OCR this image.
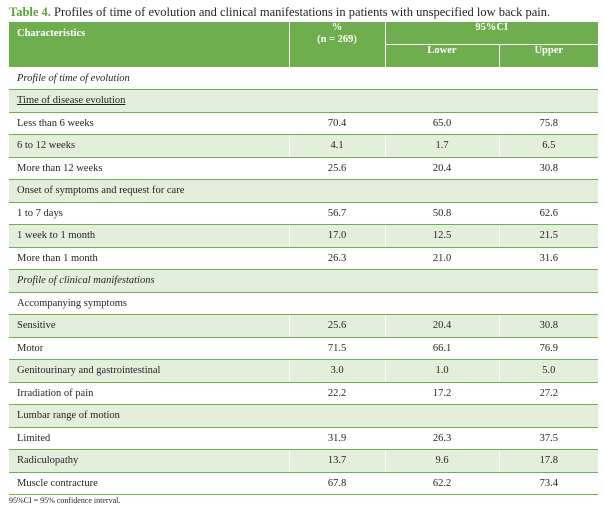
Table 4. Profiles of time of evolution and clinical manifestations in patients with unspecified low back pain.
Characteristics	%
(n = 269)	95%CI	
		Lower	Upper
Profile of time of evolution			
Time of disease evolution			
Less than 6 weeks	70.4	65.0	75.8
6 to 12 weeks	4.1	1.7	6.5
More than 12 weeks	25.6	20.4	30.8
Onset of symptoms and request for care			
1 to 7 days	56.7	50.8	62.6
1 week to 1 month	17.0	12.5	21.5
More than 1 month	26.3	21.0	31.6
Profile of clinical manifestations			
Accompanying symptoms			
Sensitive	25.6	20.4	30.8
Motor	71.5	66.1	76.9
Genitourinary and gastrointestinal	3.0	1.0	5.0
Irradiation of pain	22.2	17.2	27.2
Lumbar range of motion			
Limited	31.9	26.3	37.5
Radiculopathy	13.7	9.6	17.8
Muscle contracture	67.8	62.2	73.4
95%CI = 95% confidence interval.
